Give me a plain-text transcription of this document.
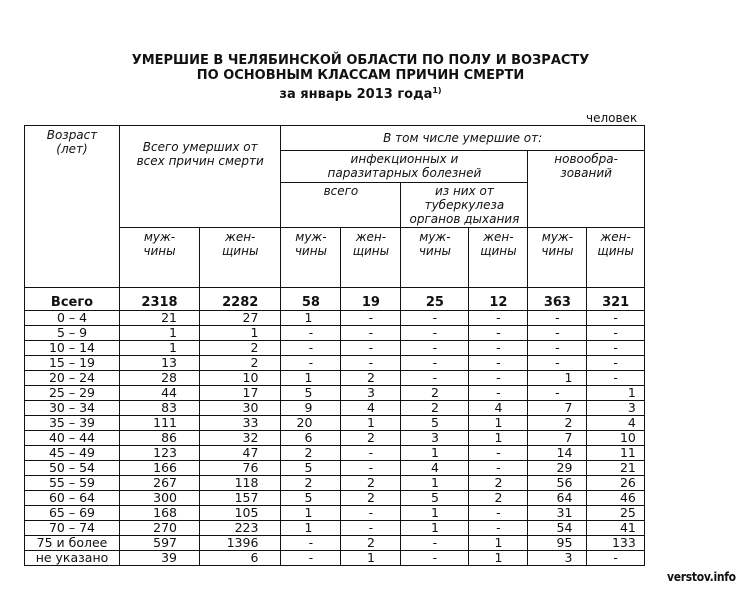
УМЕРШИЕ В ЧЕЛЯБИНСКОЙ ОБЛАСТИ ПО ПОЛУ И ВОЗРАСТУ
ПО ОСНОВНЫМ КЛАССАМ ПРИЧИН СМЕРТИ
за январь 2013 года$^{1)}$
человек
Возраст (лет)	Всего умерших от всех причин смерти		В том числе умершие от:					
			инфекционных и паразитарных болезней				новообра-зований	
			всего		из них от туберкулеза органов дыхания			
	муж-чины	жен-щины	муж-чины	жен-щины	муж-чины	жен-щины	муж-чины	жен-щины
Всего	2318	2282	58	19	25	12	363	321
0 – 4	21	27	1	-	-	-	-	-
5 – 9	1	1	-	-	-	-	-	-
10 – 14	1	2	-	-	-	-	-	-
15 – 19	13	2	-	-	-	-	-	-
20 – 24	28	10	1	2	-	-	1	-
25 – 29	44	17	5	3	2	-	-	1
30 – 34	83	30	9	4	2	4	7	3
35 – 39	111	33	20	1	5	1	2	4
40 – 44	86	32	6	2	3	1	7	10
45 – 49	123	47	2	-	1	-	14	11
50 – 54	166	76	5	-	4	-	29	21
55 – 59	267	118	2	2	1	2	56	26
60 – 64	300	157	5	2	5	2	64	46
65 – 69	168	105	1	-	1	-	31	25
70 – 74	270	223	1	-	1	-	54	41
75 и более	597	1396	-	2	-	1	95	133
не указано	39	6	-	1	-	1	3	-
verstov.info
